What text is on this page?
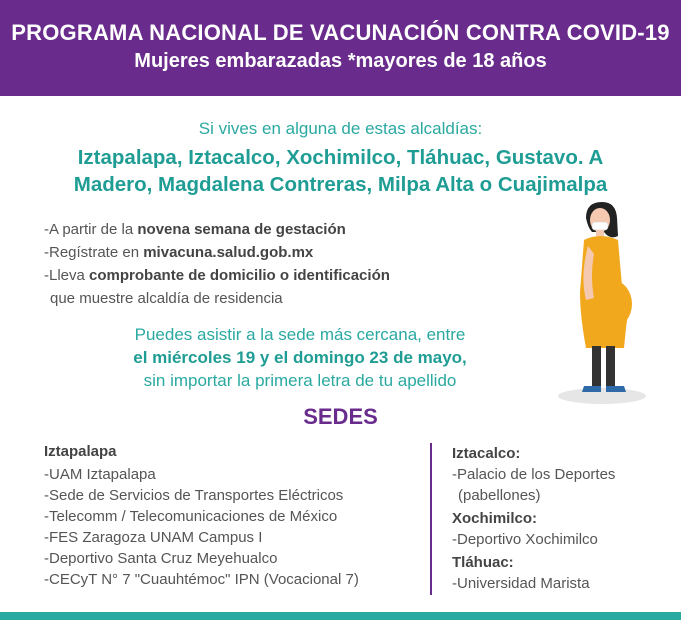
PROGRAMA NACIONAL DE VACUNACIÓN CONTRA COVID-19
Mujeres embarazadas *mayores de 18 años
Si vives en alguna de estas alcaldías:
Iztapalapa, Iztacalco, Xochimilco, Tláhuac, Gustavo. A
Madero, Magdalena Contreras, Milpa Alta o Cuajimalpa
-A partir de la novena semana de gestación
-Regístrate en mivacuna.salud.gob.mx
-Lleva comprobante de domicilio o identificación
que muestre alcaldía de residencia
Puedes asistir a la sede más cercana, entre
el miércoles 19 y el domingo 23 de mayo,
sin importar la primera letra de tu apellido
SEDES
Iztapalapa
-UAM Iztapalapa
-Sede de Servicios de Transportes Eléctricos
-Telecomm / Telecomunicaciones de México
-FES Zaragoza UNAM Campus I
-Deportivo Santa Cruz Meyehualco
-CECyT N° 7 "Cuauhtémoc" IPN (Vocacional 7)
Iztacalco:
-Palacio de los Deportes
(pabellones)
Xochimilco:
-Deportivo Xochimilco
Tláhuac:
-Universidad Marista
